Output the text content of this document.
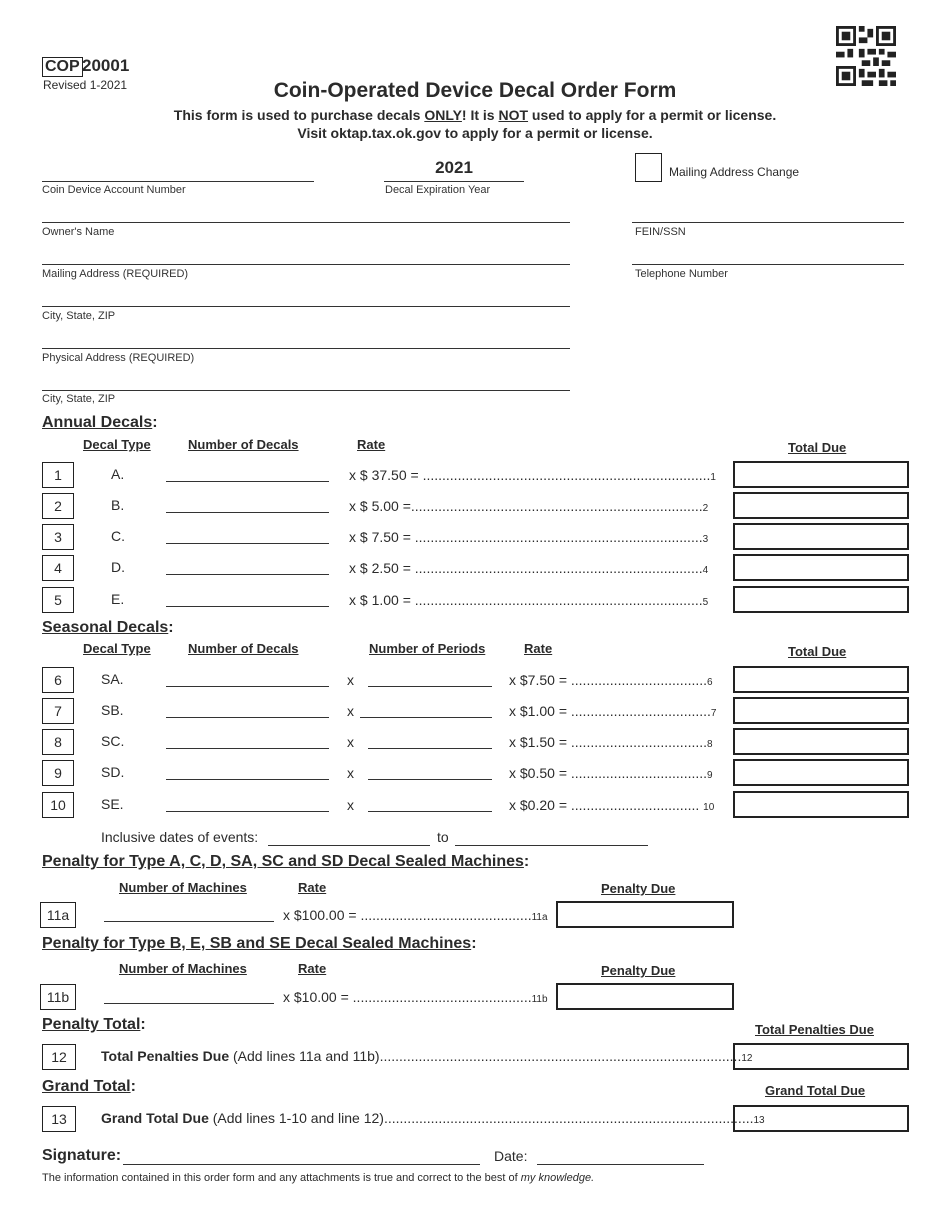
COP 20001
Revised 1-2021	Coin-Operated Device Decal Order Form
This form is used to purchase decals ONLY! It is NOT used to apply for a permit or license.
Visit oktap.tax.ok.gov to apply for a permit or license.
Coin Device Account Number
2021
Decal Expiration Year
Mailing Address Change
Owner's Name	FEIN/SSN
Mailing Address (REQUIRED)	Telephone Number
City, State, ZIP
Physical Address (REQUIRED)
City, State, ZIP
Annual Decals:
Decal Type	Number of Decals	Rate	Total Due
1	A.	x $ 37.50 = ..........................................................................1
2	B.	x $ 5.00 =...........................................................................2
3	C.	x $ 7.50 = ..........................................................................3
4	D.	x $ 2.50 = ..........................................................................4
5	E.	x $ 1.00 = ..........................................................................5
Seasonal Decals:
Decal Type	Number of Decals	Number of Periods	Rate	Total Due
6	SA.	x	x $7.50 = ...................................6
7	SB.	x	x $1.00 = ....................................7
8	SC.	x	x $1.50 = ...................................8
9	SD.	x	x $0.50 = ...................................9
10	SE.	x	x $0.20 = ................................. 10
Inclusive dates of events:	to
Penalty for Type A, C, D, SA, SC and SD Decal Sealed Machines:
Number of Machines	Rate	Penalty Due
11a	x $100.00 = ............................................11a
Penalty for Type B, E, SB and SE Decal Sealed Machines:
Number of Machines	Rate	Penalty Due
11b	x $10.00 = ..............................................11b
Penalty Total:	Total Penalties Due
12	Total Penalties Due (Add lines 11a and 11b).............................................................................................12
Grand Total:	Grand Total Due
13	Grand Total Due (Add lines 1-10 and line 12)...............................................................................................13
Signature:	Date:
The information contained in this order form and any attachments is true and correct to the best of my knowledge.
